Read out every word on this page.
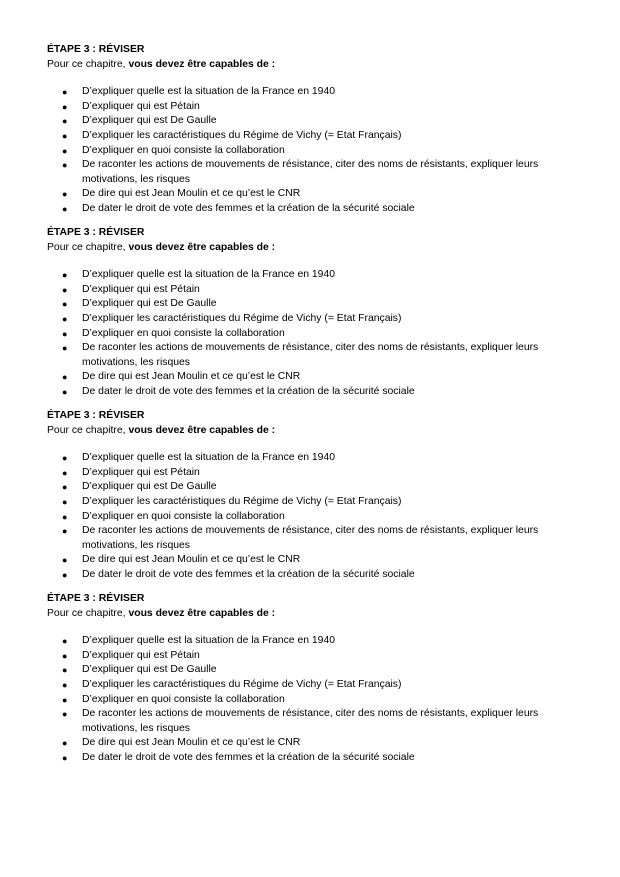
ÉTAPE 3 : RÉVISER

Pour ce chapitre, vous devez être capables de :

● D’expliquer quelle est la situation de la France en 1940
● D’expliquer qui est Pétain
● D’expliquer qui est De Gaulle
● D’expliquer les caractéristiques du Régime de Vichy (= Etat Français)
● D’expliquer en quoi consiste la collaboration
● De raconter les actions de mouvements de résistance, citer des noms de résistants, expliquer leurs motivations, les risques
● De dire qui est Jean Moulin et ce qu’est le CNR
● De dater le droit de vote des femmes et la création de la sécurité sociale

ÉTAPE 3 : RÉVISER

Pour ce chapitre, vous devez être capables de :

● D’expliquer quelle est la situation de la France en 1940
● D’expliquer qui est Pétain
● D’expliquer qui est De Gaulle
● D’expliquer les caractéristiques du Régime de Vichy (= Etat Français)
● D’expliquer en quoi consiste la collaboration
● De raconter les actions de mouvements de résistance, citer des noms de résistants, expliquer leurs motivations, les risques
● De dire qui est Jean Moulin et ce qu’est le CNR
● De dater le droit de vote des femmes et la création de la sécurité sociale

ÉTAPE 3 : RÉVISER

Pour ce chapitre, vous devez être capables de :

● D’expliquer quelle est la situation de la France en 1940
● D’expliquer qui est Pétain
● D’expliquer qui est De Gaulle
● D’expliquer les caractéristiques du Régime de Vichy (= Etat Français)
● D’expliquer en quoi consiste la collaboration
● De raconter les actions de mouvements de résistance, citer des noms de résistants, expliquer leurs motivations, les risques
● De dire qui est Jean Moulin et ce qu’est le CNR
● De dater le droit de vote des femmes et la création de la sécurité sociale

ÉTAPE 3 : RÉVISER

Pour ce chapitre, vous devez être capables de :

● D’expliquer quelle est la situation de la France en 1940
● D’expliquer qui est Pétain
● D’expliquer qui est De Gaulle
● D’expliquer les caractéristiques du Régime de Vichy (= Etat Français)
● D’expliquer en quoi consiste la collaboration
● De raconter les actions de mouvements de résistance, citer des noms de résistants, expliquer leurs motivations, les risques
● De dire qui est Jean Moulin et ce qu’est le CNR
● De dater le droit de vote des femmes et la création de la sécurité sociale
